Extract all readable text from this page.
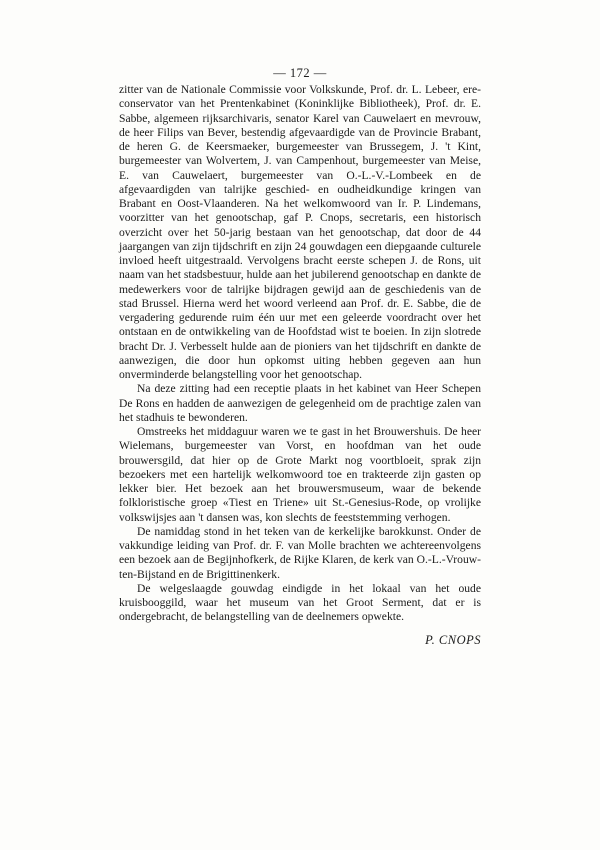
— 172 —

zitter van de Nationale Commissie voor Volkskunde, Prof. dr. L. Lebeer, ere-conservator van het Prentenkabinet (Koninklijke Bibliotheek), Prof. dr. E. Sabbe, algemeen rijksarchivaris, senator Karel van Cauwelaert en mevrouw, de heer Filips van Bever, bestendig afgevaardigde van de Provincie Brabant, de heren G. de Keersmaeker, burgemeester van Brussegem, J. 't Kint, burgemeester van Wolvertem, J. van Campenhout, burgemeester van Meise, E. van Cauwelaert, burgemeester van O.-L.-V.-Lombeek en de afgevaardigden van talrijke geschied- en oudheidkundige kringen van Brabant en Oost-Vlaanderen. Na het welkomwoord van Ir. P. Lindemans, voorzitter van het genootschap, gaf P. Cnops, secretaris, een historisch overzicht over het 50-jarig bestaan van het genootschap, dat door de 44 jaargangen van zijn tijdschrift en zijn 24 gouwdagen een diepgaande culturele invloed heeft uitgestraald. Vervolgens bracht eerste schepen J. de Rons, uit naam van het stadsbestuur, hulde aan het jubilerend genootschap en dankte de medewerkers voor de talrijke bijdragen gewijd aan de geschiedenis van de stad Brussel. Hierna werd het woord verleend aan Prof. dr. E. Sabbe, die de vergadering gedurende ruim één uur met een geleerde voordracht over het ontstaan en de ontwikkeling van de Hoofdstad wist te boeien. In zijn slotrede bracht Dr. J. Verbesselt hulde aan de pioniers van het tijdschrift en dankte de aanwezigen, die door hun opkomst uiting hebben gegeven aan hun onverminderde belangstelling voor het genootschap.

Na deze zitting had een receptie plaats in het kabinet van Heer Schepen De Rons en hadden de aanwezigen de gelegenheid om de prachtige zalen van het stadhuis te bewonderen.

Omstreeks het middaguur waren we te gast in het Brouwershuis. De heer Wielemans, burgemeester van Vorst, en hoofdman van het oude brouwersgild, dat hier op de Grote Markt nog voortbloeit, sprak zijn bezoekers met een hartelijk welkomwoord toe en trakteerde zijn gasten op lekker bier. Het bezoek aan het brouwersmuseum, waar de bekende folkloristische groep «Tiest en Triene» uit St.-Genesius-Rode, op vrolijke volkswijsjes aan 't dansen was, kon slechts de feeststemming verhogen.

De namiddag stond in het teken van de kerkelijke barokkunst. Onder de vakkundige leiding van Prof. dr. F. van Molle brachten we achtereenvolgens een bezoek aan de Begijnhofkerk, de Rijke Klaren, de kerk van O.-L.-Vrouw-ten-Bijstand en de Brigittinenkerk.

De welgeslaagde gouwdag eindigde in het lokaal van het oude kruisbooggild, waar het museum van het Groot Serment, dat er is ondergebracht, de belangstelling van de deelnemers opwekte.

P. CNOPS
